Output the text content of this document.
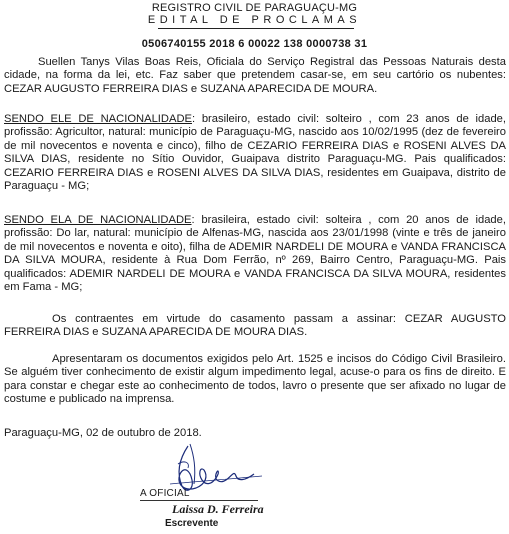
REGISTRO CIVIL DE PARAGUAÇU-MG
EDITAL DE PROCLAMAS
0506740155 2018 6 00022 138 0000738 31

Suellen Tanys Vilas Boas Reis, Oficiala do Serviço Registral das Pessoas Naturais desta cidade, na forma da lei, etc. Faz saber que pretendem casar-se, em seu cartório os nubentes: CEZAR AUGUSTO FERREIRA DIAS e SUZANA APARECIDA DE MOURA.

SENDO ELE DE NACIONALIDADE: brasileiro, estado civil: solteiro , com 23 anos de idade, profissão: Agricultor, natural: município de Paraguaçu-MG, nascido aos 10/02/1995 (dez de fevereiro de mil novecentos e noventa e cinco), filho de CEZARIO FERREIRA DIAS e ROSENI ALVES DA SILVA DIAS, residente no Sítio Ouvidor, Guaipava distrito Paraguaçu-MG. Pais qualificados: CEZARIO FERREIRA DIAS e ROSENI ALVES DA SILVA DIAS, residentes em Guaipava, distrito de Paraguaçu - MG;

SENDO ELA DE NACIONALIDADE: brasileira, estado civil: solteira , com 20 anos de idade, profissão: Do lar, natural: município de Alfenas-MG, nascida aos 23/01/1998 (vinte e três de janeiro de mil novecentos e noventa e oito), filha de ADEMIR NARDELI DE MOURA e VANDA FRANCISCA DA SILVA MOURA, residente à Rua Dom Ferrão, nº 269, Bairro Centro, Paraguaçu-MG. Pais qualificados: ADEMIR NARDELI DE MOURA e VANDA FRANCISCA DA SILVA MOURA, residentes em Fama - MG;

Os contraentes em virtude do casamento passam a assinar: CEZAR AUGUSTO FERREIRA DIAS e SUZANA APARECIDA DE MOURA DIAS.

Apresentaram os documentos exigidos pelo Art. 1525 e incisos do Código Civil Brasileiro. Se alguém tiver conhecimento de existir algum impedimento legal, acuse-o para os fins de direito. E para constar e chegar este ao conhecimento de todos, lavro o presente que ser afixado no lugar de costume e publicado na imprensa.

Paraguaçu-MG, 02 de outubro de 2018.
A OFICIAL
Laissa D. Ferreira
Escrevente
